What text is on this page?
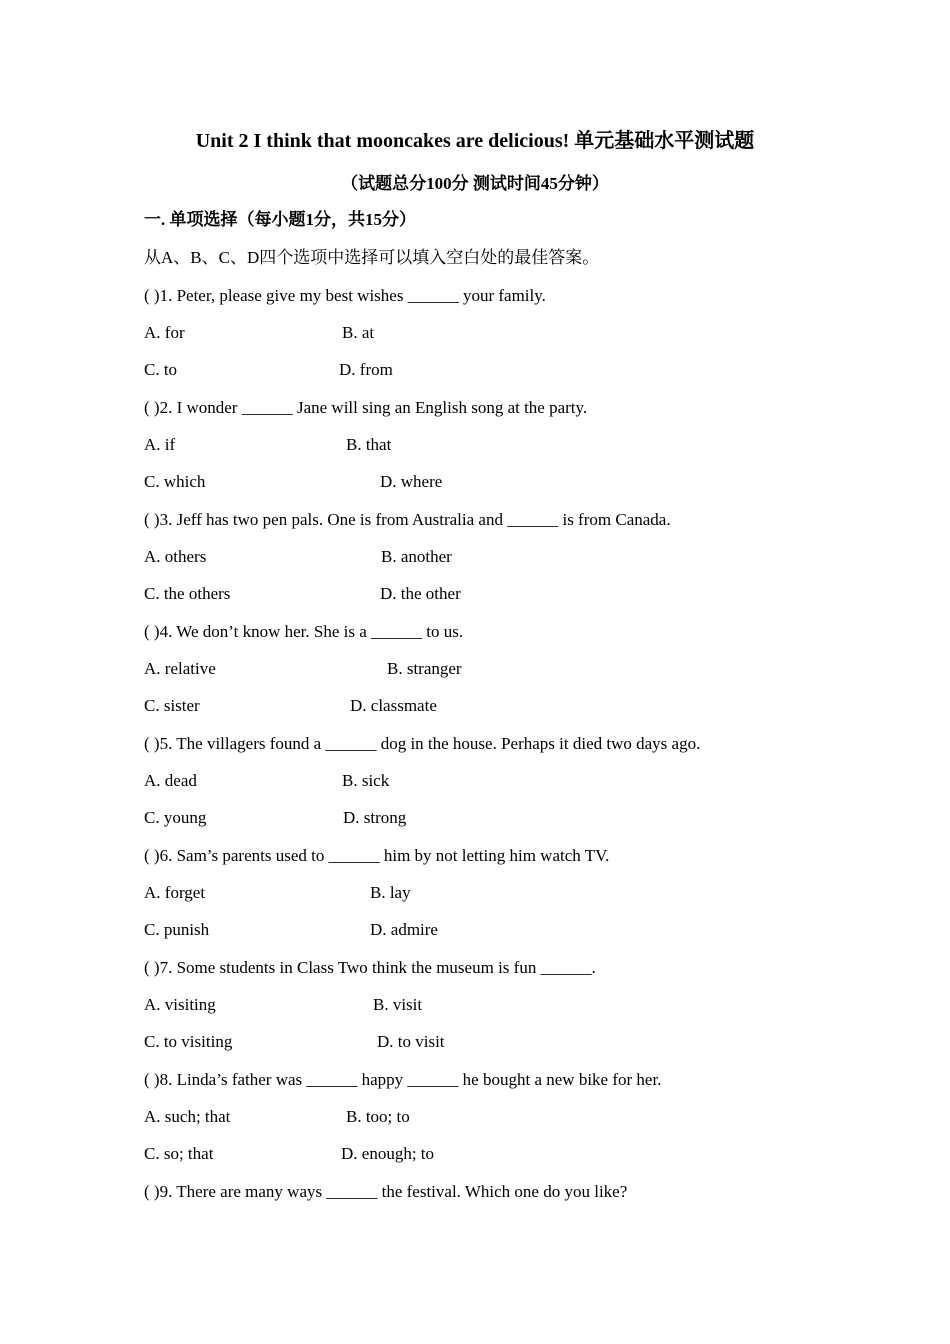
Unit 2 I think that mooncakes are delicious! 单元基础水平测试题
（试题总分100分 测试时间45分钟）
一. 单项选择（每小题1分，共15分）
从A、B、C、D四个选项中选择可以填入空白处的最佳答案。
( )1. Peter, please give my best wishes ______ your family.
A. for	B. at
C. to	D. from
( )2. I wonder ______ Jane will sing an English song at the party.
A. if	B. that
C. which	D. where
( )3. Jeff has two pen pals. One is from Australia and ______ is from Canada.
A. others	B. another
C. the others	D. the other
( )4. We don’t know her. She is a ______ to us.
A. relative	B. stranger
C. sister	D. classmate
( )5. The villagers found a ______ dog in the house. Perhaps it died two days ago.
A. dead	B. sick
C. young	D. strong
( )6. Sam’s parents used to ______ him by not letting him watch TV.
A. forget	B. lay
C. punish	D. admire
( )7. Some students in Class Two think the museum is fun ______.
A. visiting	B. visit
C. to visiting	D. to visit
( )8. Linda’s father was ______ happy ______ he bought a new bike for her.
A. such; that	B. too; to
C. so; that	D. enough; to
( )9. There are many ways ______ the festival. Which one do you like?
